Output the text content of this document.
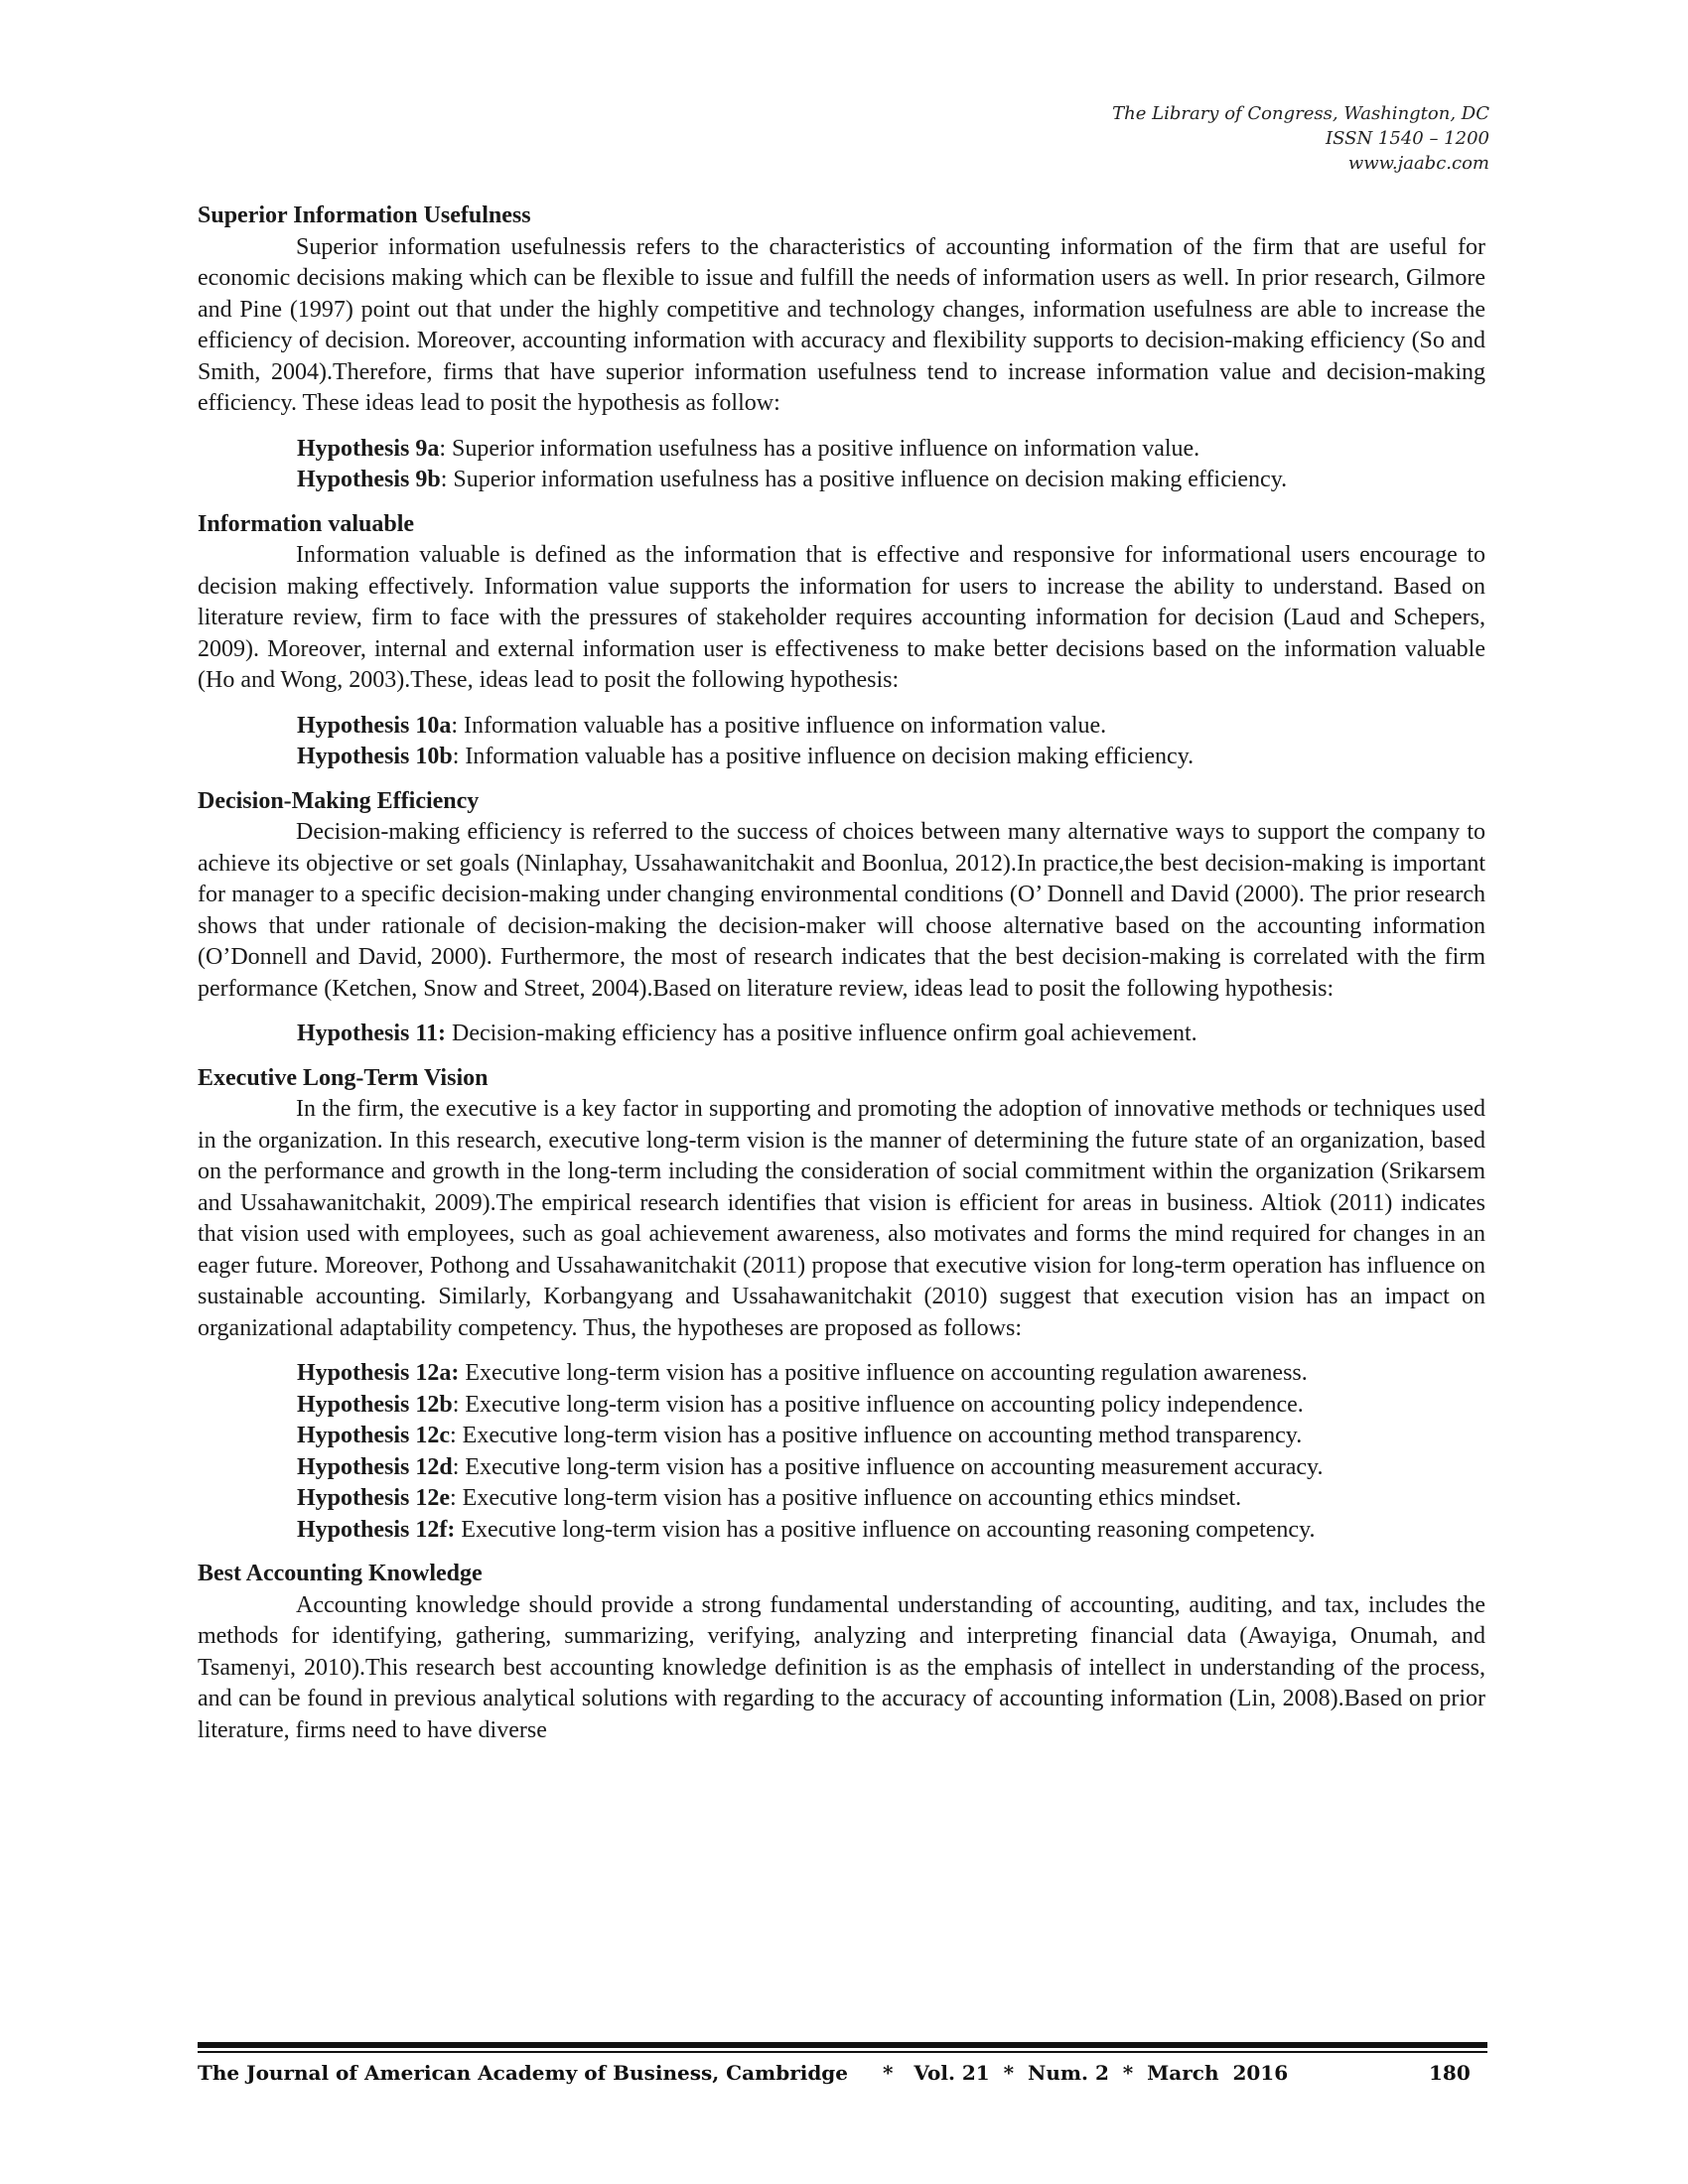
The Library of Congress, Washington, DC
ISSN 1540 – 1200
www.jaabc.com
Superior Information Usefulness
Superior information usefulnessis refers to the characteristics of accounting information of the firm that are useful for economic decisions making which can be flexible to issue and fulfill the needs of information users as well. In prior research, Gilmore and Pine (1997) point out that under the highly competitive and technology changes, information usefulness are able to increase the efficiency of decision. Moreover, accounting information with accuracy and flexibility supports to decision-making efficiency (So and Smith, 2004).Therefore, firms that have superior information usefulness tend to increase information value and decision-making efficiency. These ideas lead to posit the hypothesis as follow:
Hypothesis 9a: Superior information usefulness has a positive influence on information value.
Hypothesis 9b: Superior information usefulness has a positive influence on decision making efficiency.
Information valuable
Information valuable is defined as the information that is effective and responsive for informational users encourage to decision making effectively. Information value supports the information for users to increase the ability to understand. Based on literature review, firm to face with the pressures of stakeholder requires accounting information for decision (Laud and Schepers, 2009). Moreover, internal and external information user is effectiveness to make better decisions based on the information valuable (Ho and Wong, 2003).These, ideas lead to posit the following hypothesis:
Hypothesis 10a: Information valuable has a positive influence on information value.
Hypothesis 10b: Information valuable has a positive influence on decision making efficiency.
Decision-Making Efficiency
Decision-making efficiency is referred to the success of choices between many alternative ways to support the company to achieve its objective or set goals (Ninlaphay, Ussahawanitchakit and Boonlua, 2012).In practice,the best decision-making is important for manager to a specific decision-making under changing environmental conditions (O’ Donnell and David (2000). The prior research shows that under rationale of decision-making the decision-maker will choose alternative based on the accounting information (O’Donnell and David, 2000). Furthermore, the most of research indicates that the best decision-making is correlated with the firm performance (Ketchen, Snow and Street, 2004).Based on literature review, ideas lead to posit the following hypothesis:
Hypothesis 11: Decision-making efficiency has a positive influence onfirm goal achievement.
Executive Long-Term Vision
In the firm, the executive is a key factor in supporting and promoting the adoption of innovative methods or techniques used in the organization. In this research, executive long-term vision is the manner of determining the future state of an organization, based on the performance and growth in the long-term including the consideration of social commitment within the organization (Srikarsem and Ussahawanitchakit, 2009).The empirical research identifies that vision is efficient for areas in business. Altiok (2011) indicates that vision used with employees, such as goal achievement awareness, also motivates and forms the mind required for changes in an eager future. Moreover, Pothong and Ussahawanitchakit (2011) propose that executive vision for long-term operation has influence on sustainable accounting. Similarly, Korbangyang and Ussahawanitchakit (2010) suggest that execution vision has an impact on organizational adaptability competency. Thus, the hypotheses are proposed as follows:
Hypothesis 12a: Executive long-term vision has a positive influence on accounting regulation awareness.
Hypothesis 12b: Executive long-term vision has a positive influence on accounting policy independence.
Hypothesis 12c: Executive long-term vision has a positive influence on accounting method transparency.
Hypothesis 12d: Executive long-term vision has a positive influence on accounting measurement accuracy.
Hypothesis 12e: Executive long-term vision has a positive influence on accounting ethics mindset.
Hypothesis 12f: Executive long-term vision has a positive influence on accounting reasoning competency.
Best Accounting Knowledge
Accounting knowledge should provide a strong fundamental understanding of accounting, auditing, and tax, includes the methods for identifying, gathering, summarizing, verifying, analyzing and interpreting financial data (Awayiga, Onumah, and Tsamenyi, 2010).This research best accounting knowledge definition is as the emphasis of intellect in understanding of the process, and can be found in previous analytical solutions with regarding to the accuracy of accounting information (Lin, 2008).Based on prior literature, firms need to have diverse
The Journal of American Academy of Business, Cambridge *   Vol. 21  *  Num. 2  *  March  2016	180
